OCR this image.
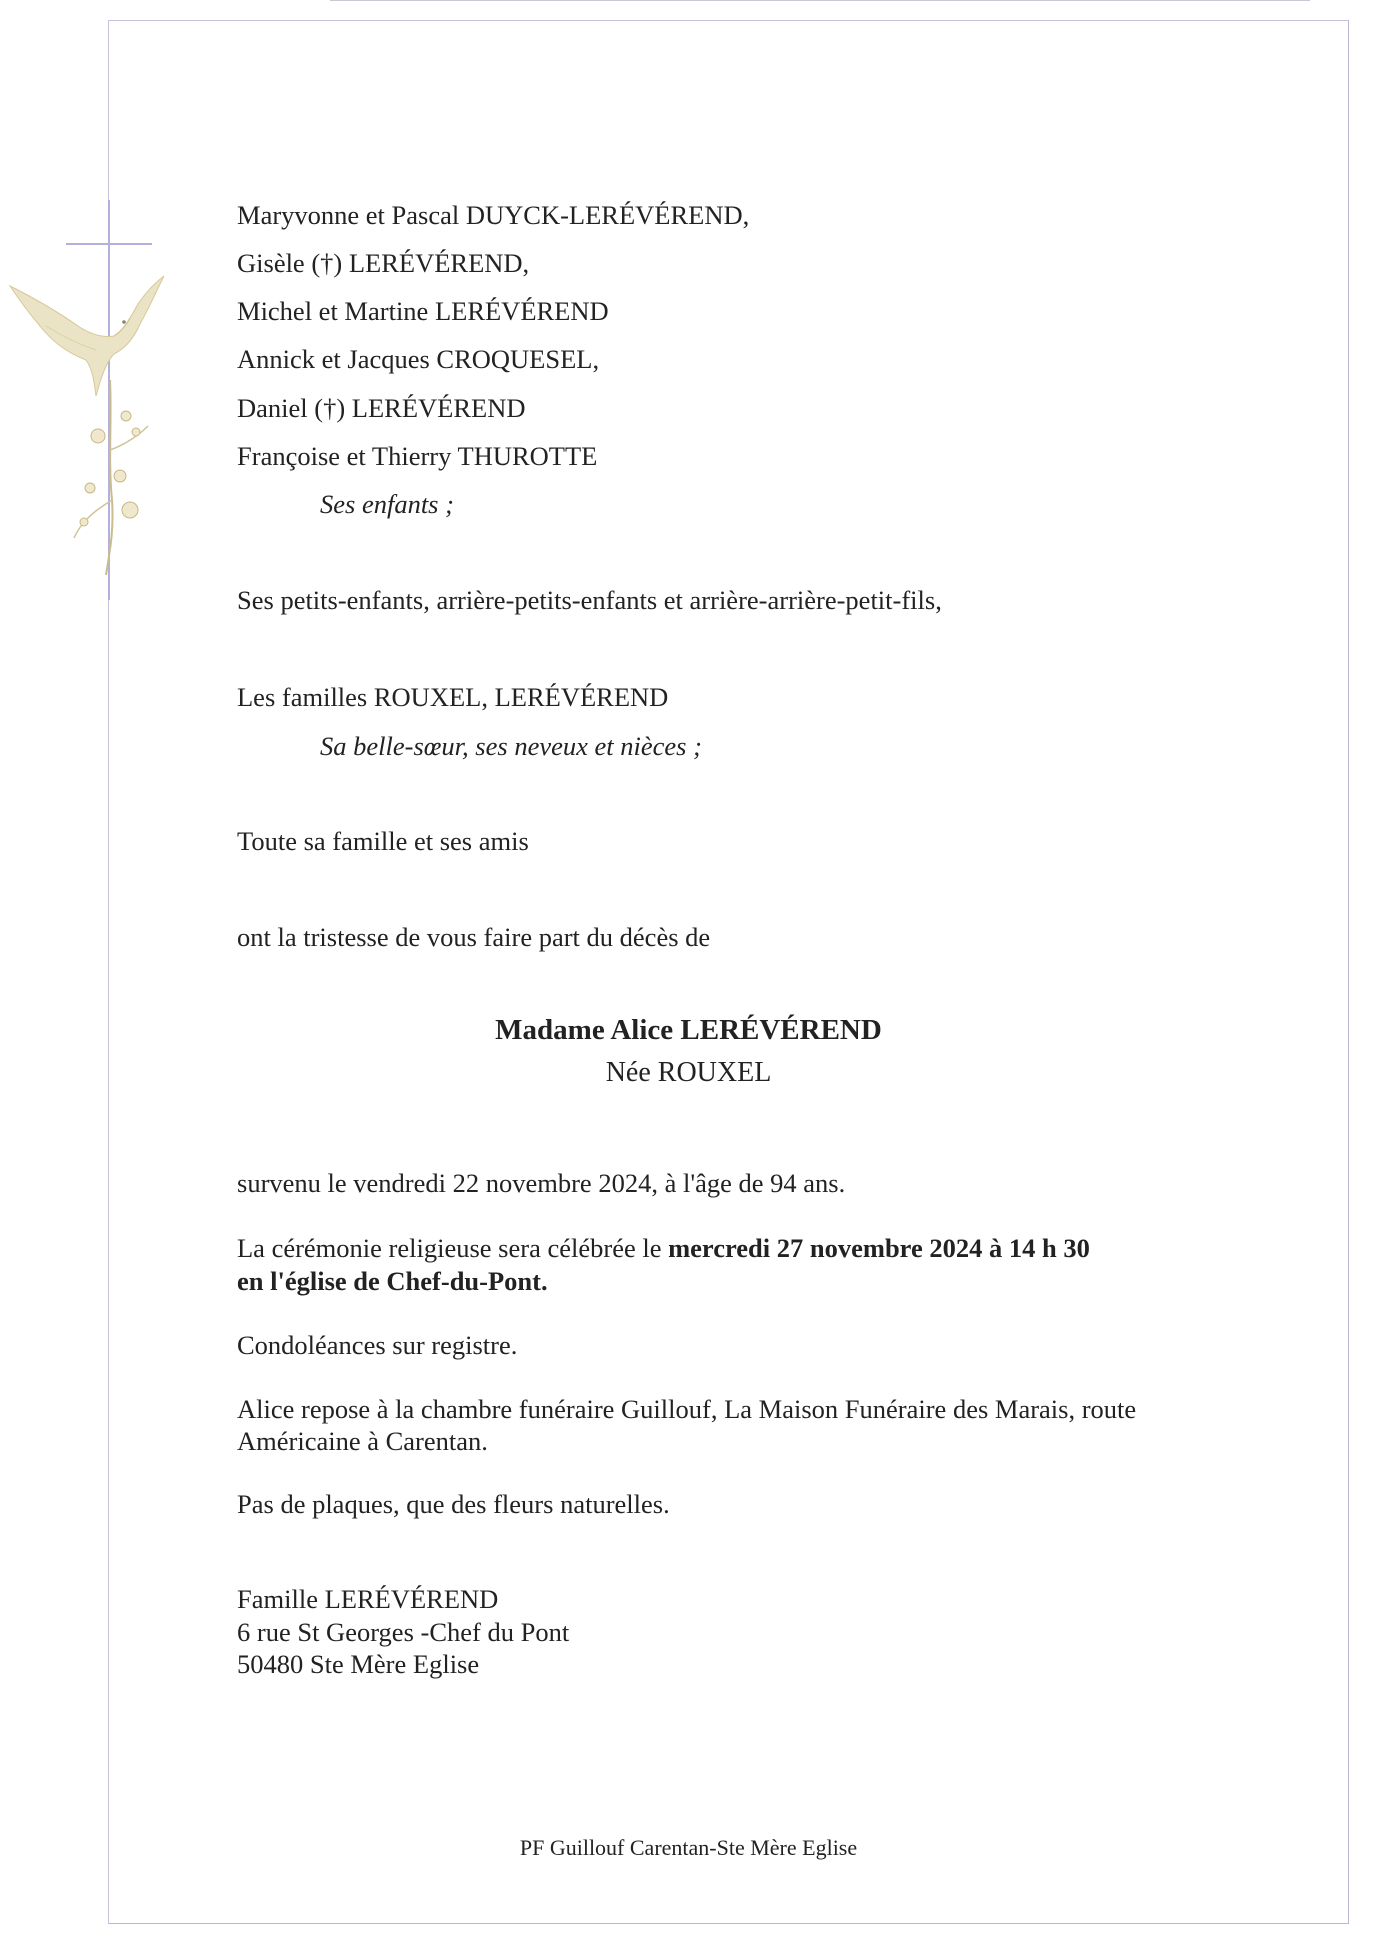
Maryvonne et Pascal DUYCK-LERÉVÉREND,
Gisèle (†) LERÉVÉREND,
Michel et Martine LERÉVÉREND
Annick et Jacques CROQUESEL,
Daniel (†) LERÉVÉREND
Françoise et Thierry THUROTTE
Ses enfants ;
Ses petits-enfants, arrière-petits-enfants et arrière-arrière-petit-fils,
Les familles ROUXEL, LERÉVÉREND
Sa belle-sœur, ses neveux et nièces ;
Toute sa famille et ses amis
ont la tristesse de vous faire part du décès de
Madame Alice LERÉVÉREND
Née ROUXEL
survenu le vendredi 22 novembre 2024, à l'âge de 94 ans.
La cérémonie religieuse sera célébrée le mercredi 27 novembre 2024 à 14 h 30
en l'église de Chef-du-Pont.
Condoléances sur registre.
Alice repose à la chambre funéraire Guillouf, La Maison Funéraire des Marais, route
Américaine à Carentan.
Pas de plaques, que des fleurs naturelles.
Famille LERÉVÉREND
6 rue St Georges -Chef du Pont
50480 Ste Mère Eglise
PF Guillouf Carentan-Ste Mère Eglise
